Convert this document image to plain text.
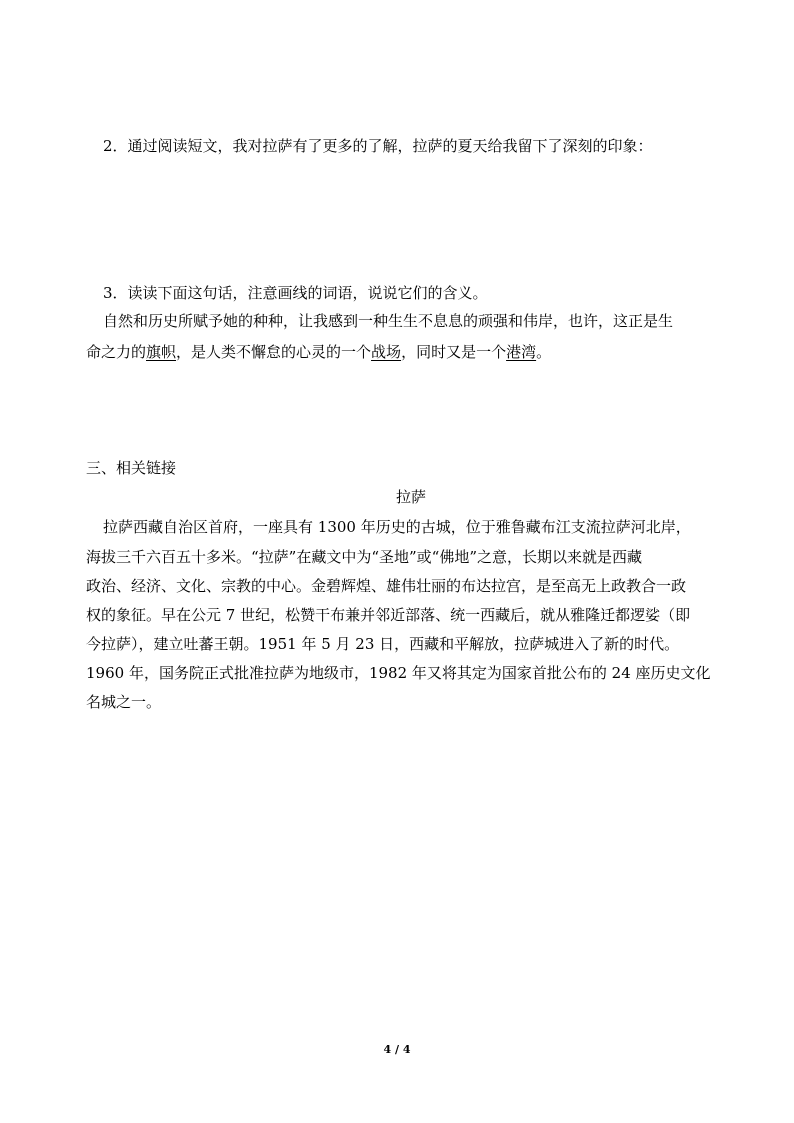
2．通过阅读短文，我对拉萨有了更多的了解，拉萨的夏天给我留下了深刻的印象：
3．读读下面这句话，注意画线的词语，说说它们的含义。
自然和历史所赋予她的种种，让我感到一种生生不息息的顽强和伟岸，也许，这正是生
命之力的旗帜，是人类不懈怠的心灵的一个战场，同时又是一个港湾。
三、相关链接
拉萨
拉萨西藏自治区首府，一座具有 1300 年历史的古城，位于雅鲁藏布江支流拉萨河北岸，
海拔三千六百五十多米。“拉萨”在藏文中为“圣地”或“佛地”之意，长期以来就是西藏
政治、经济、文化、宗教的中心。金碧辉煌、雄伟壮丽的布达拉宫，是至高无上政教合一政
权的象征。早在公元 7 世纪，松赞干布兼并邻近部落、统一西藏后，就从雅隆迁都逻娑（即
今拉萨），建立吐蕃王朝。1951 年 5 月 23 日，西藏和平解放，拉萨城进入了新的时代。
1960 年，国务院正式批准拉萨为地级市，1982 年又将其定为国家首批公布的 24 座历史文化
名城之一。
4 / 4
